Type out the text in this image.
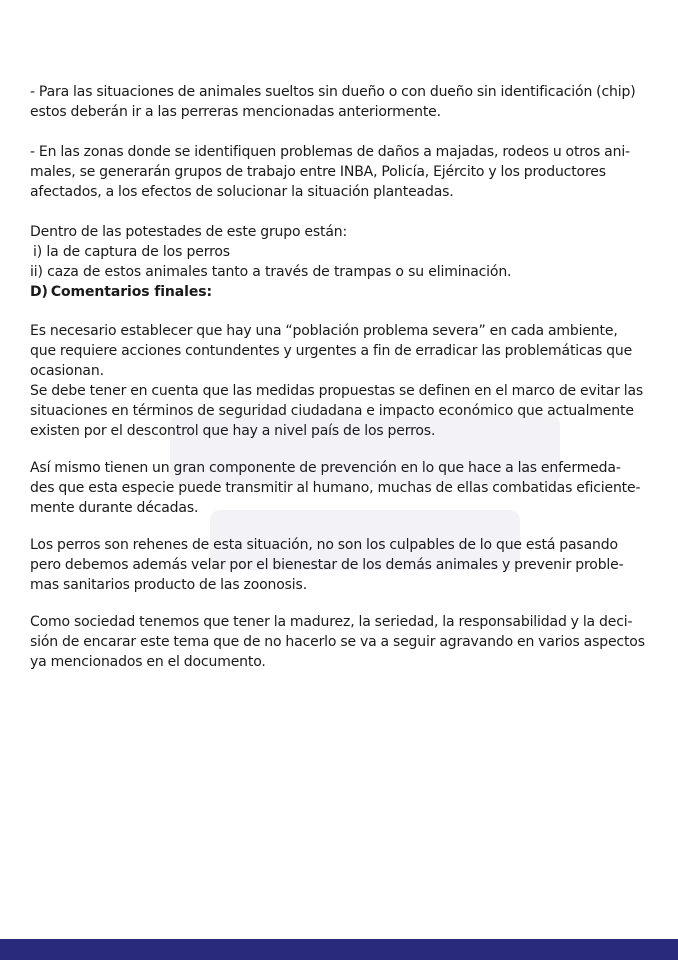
- Para las situaciones de animales sueltos sin dueño o con dueño sin identificación (chip)
estos deberán ir a las perreras mencionadas anteriormente.

- En las zonas donde se identifiquen problemas de daños a majadas, rodeos u otros ani-
males, se generarán grupos de trabajo entre INBA, Policía, Ejército y los productores
afectados, a los efectos de solucionar la situación planteadas.

Dentro de las potestades de este grupo están:

i) la de captura de los perros
ii) caza de estos animales tanto a través de trampas o su eliminación.
D) Comentarios finales:

Es necesario establecer que hay una “población problema severa” en cada ambiente,
que requiere acciones contundentes y urgentes a fin de erradicar las problemáticas que
ocasionan.
Se debe tener en cuenta que las medidas propuestas se definen en el marco de evitar las
situaciones en términos de seguridad ciudadana e impacto económico que actualmente
existen por el descontrol que hay a nivel país de los perros.

Así mismo tienen un gran componente de prevención en lo que hace a las enfermeda-
des que esta especie puede transmitir al humano, muchas de ellas combatidas eficiente-
mente durante décadas.

Los perros son rehenes de esta situación, no son los culpables de lo que está pasando
pero debemos además velar por el bienestar de los demás animales y prevenir proble-
mas sanitarios producto de las zoonosis.

Como sociedad tenemos que tener la madurez, la seriedad, la responsabilidad y la deci-
sión de encarar este tema que de no hacerlo se va a seguir agravando en varios aspectos
ya mencionados en el documento.
